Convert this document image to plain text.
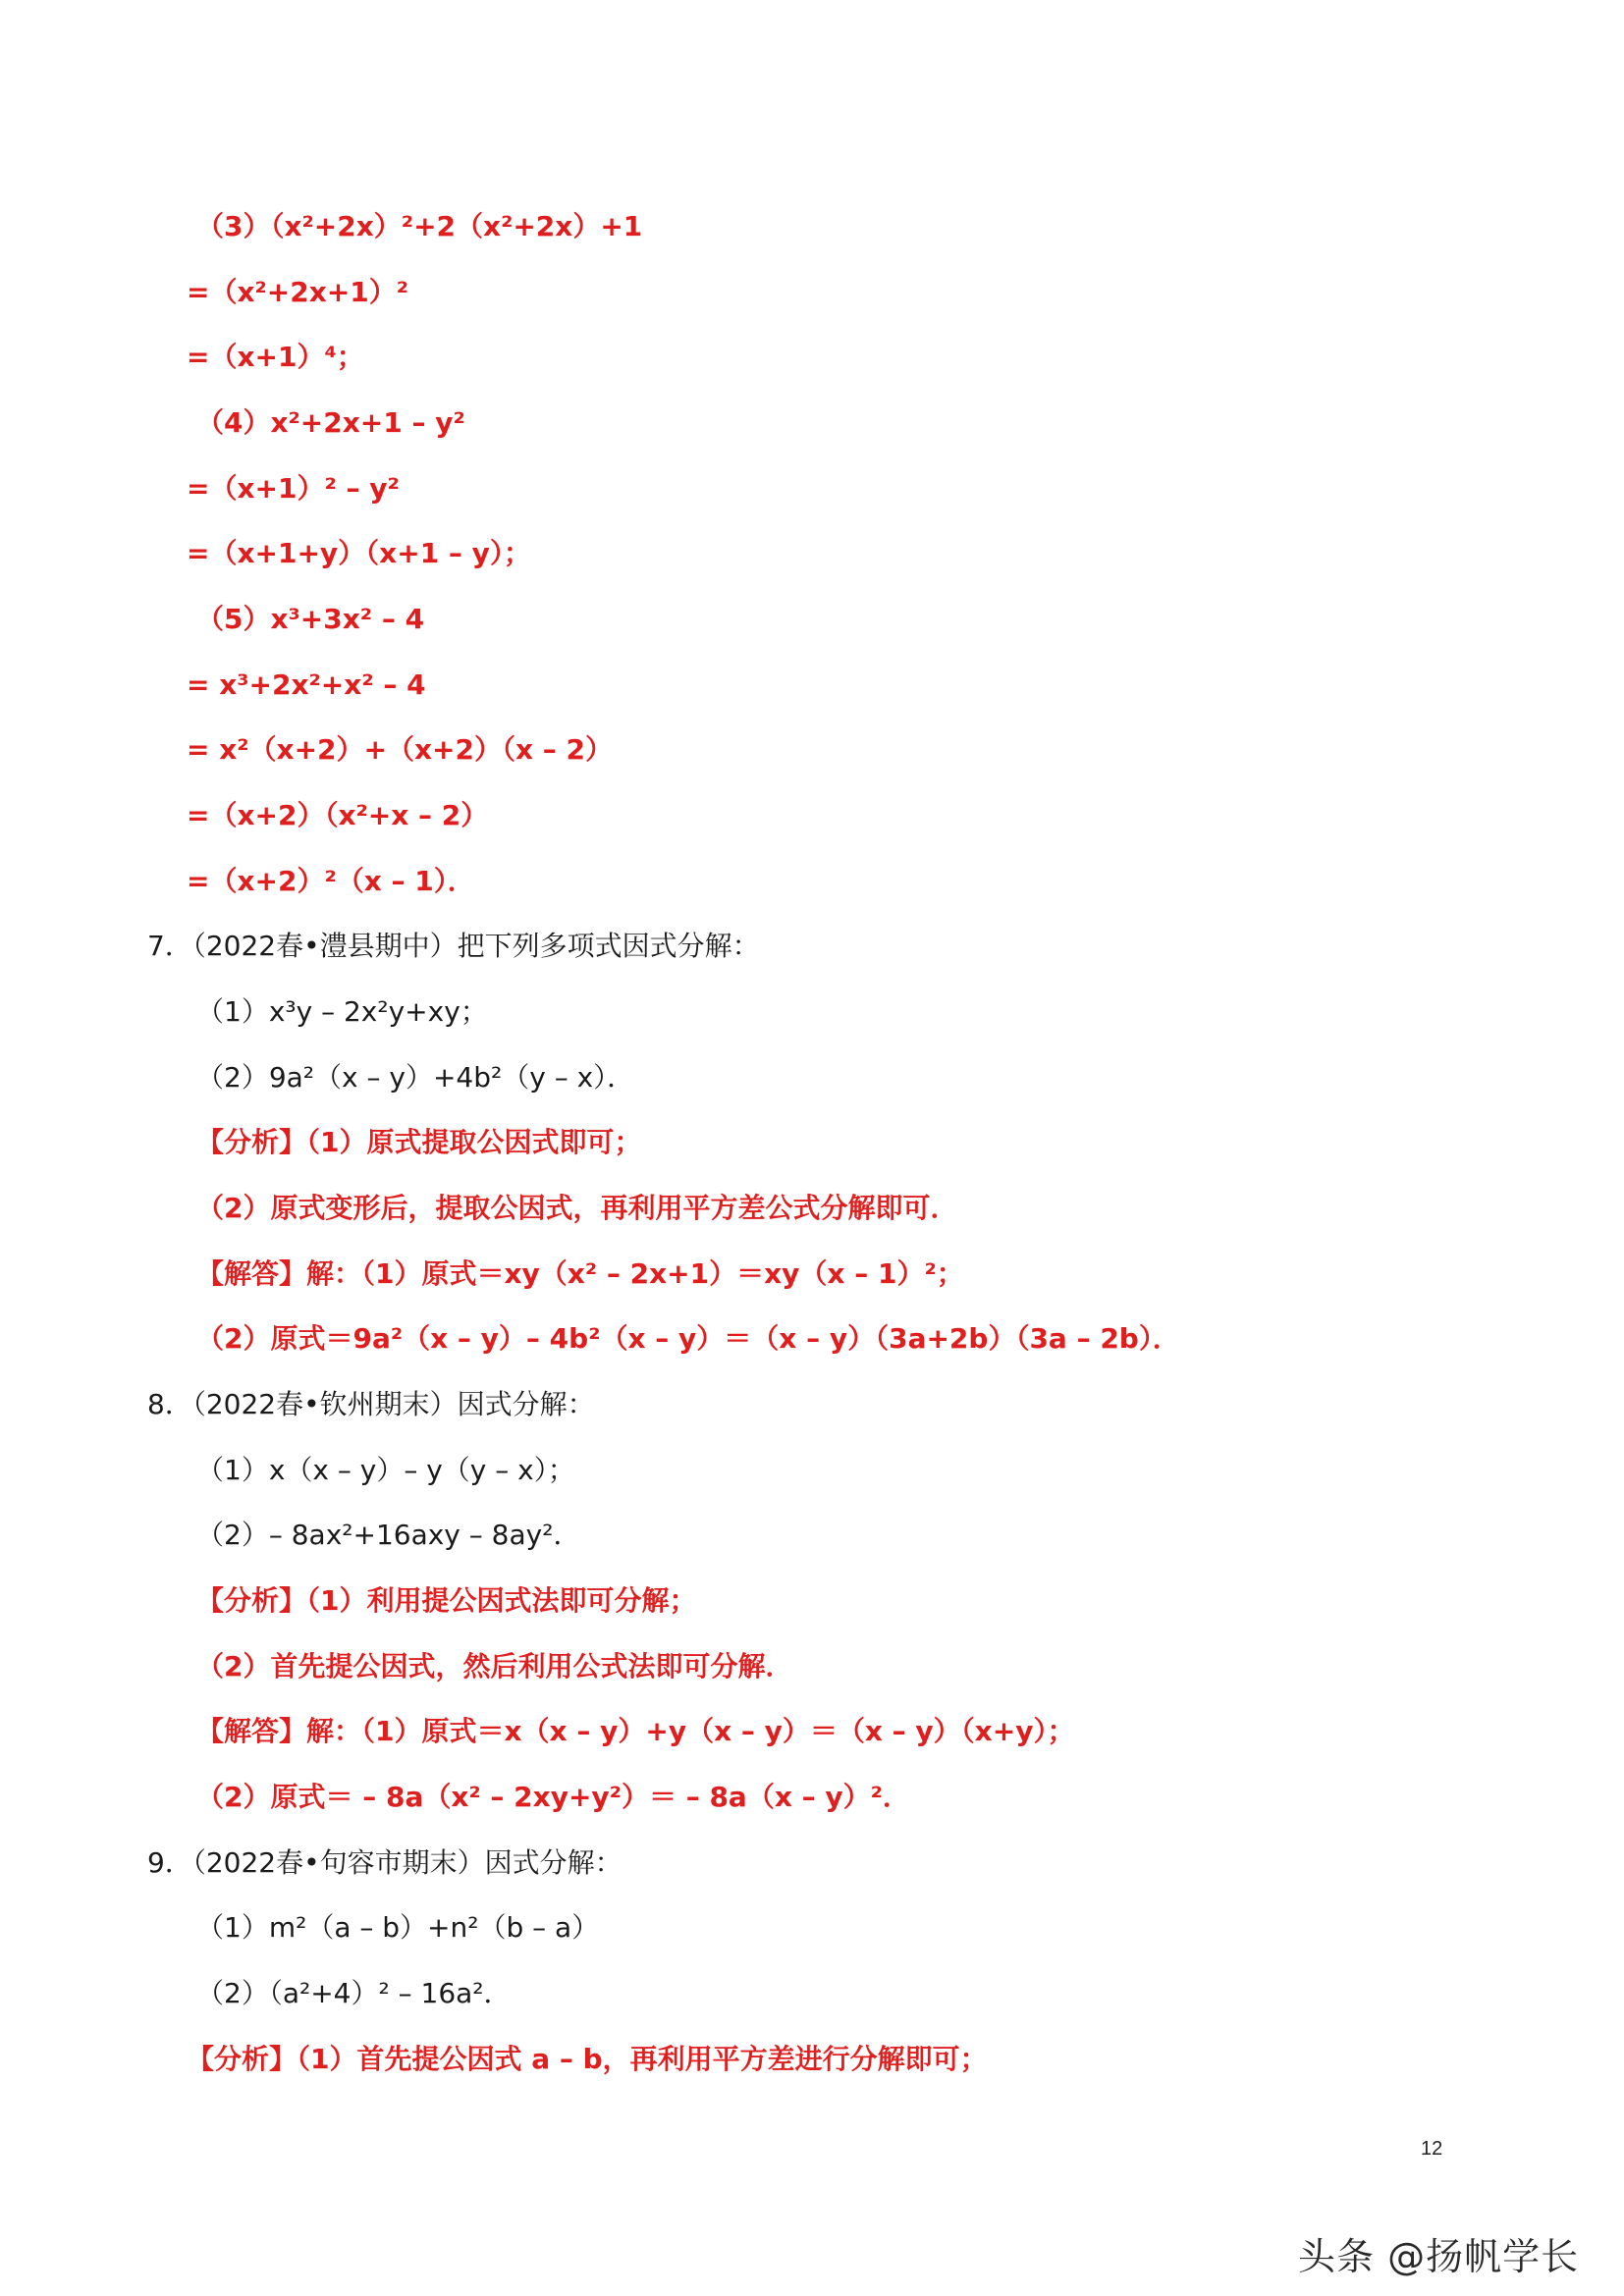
（3）（x²+2x）²+2（x²+2x）+1
=（x²+2x+1）²
=（x+1）⁴；
（4）x²+2x+1 – y²
=（x+1）² – y²
=（x+1+y）（x+1 – y）；
（5）x³+3x² – 4
= x³+2x²+x² – 4
= x²（x+2）+（x+2）（x – 2）
=（x+2）（x²+x – 2）
=（x+2）²（x – 1）．
7．（2022春•澧县期中）把下列多项式因式分解：
（1）x³y – 2x²y+xy；
（2）9a²（x – y）+4b²（y – x）．
【分析】（1）原式提取公因式即可；
（2）原式变形后，提取公因式，再利用平方差公式分解即可．
【解答】解：（1）原式＝xy（x² – 2x+1）＝xy（x – 1）²；
（2）原式＝9a²（x – y）– 4b²（x – y）＝（x – y）（3a+2b）（3a – 2b）．
8．（2022春•钦州期末）因式分解：
（1）x（x – y）– y（y – x）；
（2）– 8ax²+16axy – 8ay²．
【分析】（1）利用提公因式法即可分解；
（2）首先提公因式，然后利用公式法即可分解．
【解答】解：（1）原式＝x（x – y）+y（x – y）＝（x – y）（x+y）；
（2）原式＝ – 8a（x² – 2xy+y²）＝ – 8a（x – y）²．
9．（2022春•句容市期末）因式分解：
（1）m²（a – b）+n²（b – a）
（2）（a²+4）² – 16a²．
【分析】（1）首先提公因式 a – b，再利用平方差进行分解即可；
12
头条 @扬帆学长
